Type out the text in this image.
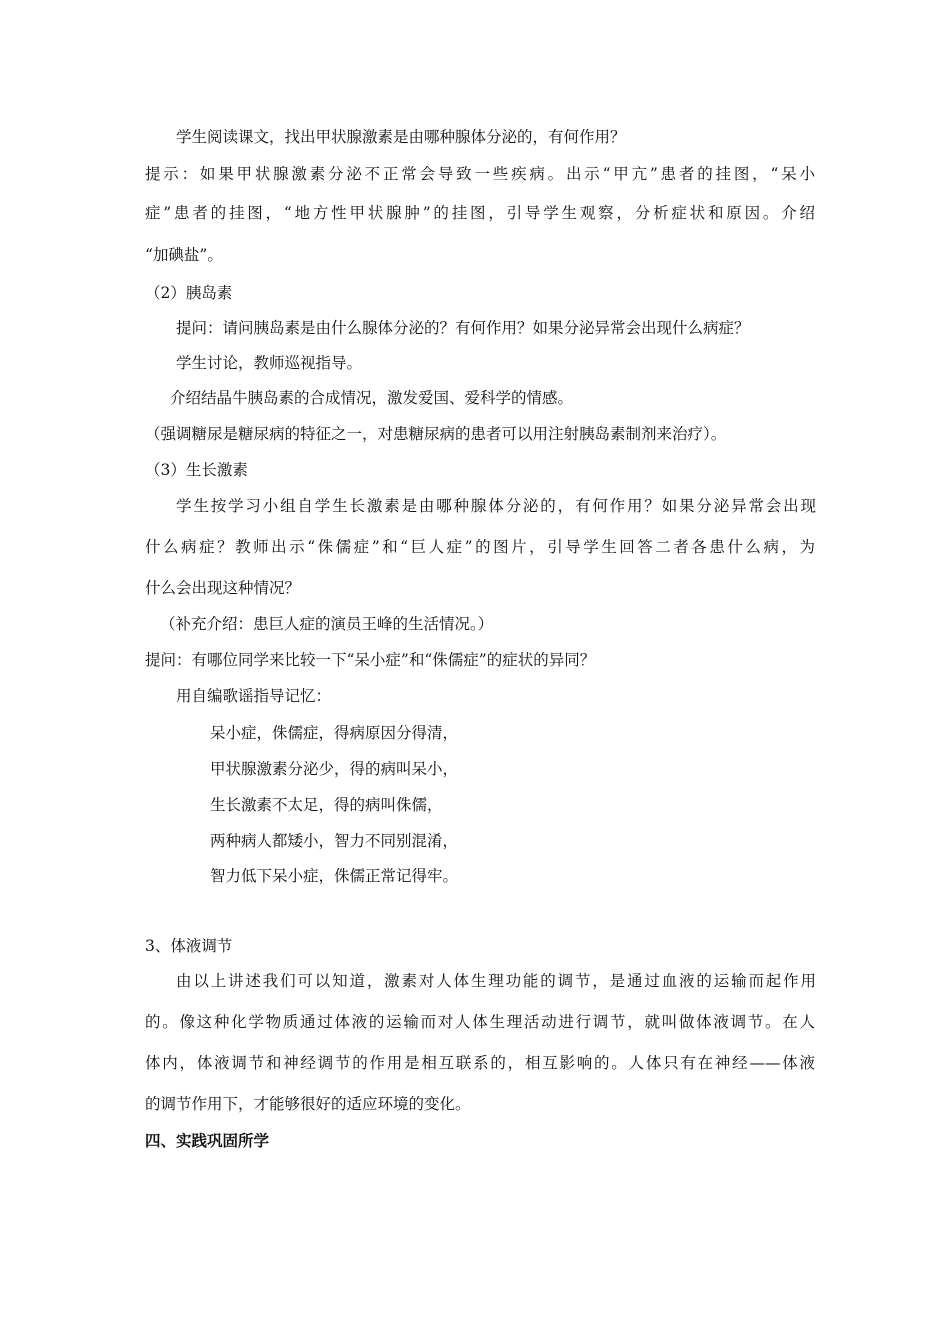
学生阅读课文，找出甲状腺激素是由哪种腺体分泌的，有何作用？
提示：如果甲状腺激素分泌不正常会导致一些疾病。出示“甲亢”患者的挂图，“呆小
症”患者的挂图，“地方性甲状腺肿”的挂图，引导学生观察，分析症状和原因。介绍
“加碘盐”。
（2）胰岛素
提问：请问胰岛素是由什么腺体分泌的？有何作用？如果分泌异常会出现什么病症？
学生讨论，教师巡视指导。
介绍结晶牛胰岛素的合成情况，激发爱国、爱科学的情感。
（强调糖尿是糖尿病的特征之一，对患糖尿病的患者可以用注射胰岛素制剂来治疗）。
（3）生长激素
学生按学习小组自学生长激素是由哪种腺体分泌的，有何作用？如果分泌异常会出现
什么病症？教师出示“侏儒症”和“巨人症”的图片，引导学生回答二者各患什么病，为
什么会出现这种情况？
（补充介绍：患巨人症的演员王峰的生活情况。）
提问：有哪位同学来比较一下“呆小症”和“侏儒症”的症状的异同？
用自编歌谣指导记忆：
呆小症，侏儒症，得病原因分得清，
甲状腺激素分泌少，得的病叫呆小，
生长激素不太足，得的病叫侏儒，
两种病人都矮小，智力不同别混淆，
智力低下呆小症，侏儒正常记得牢。
3、体液调节
由以上讲述我们可以知道，激素对人体生理功能的调节，是通过血液的运输而起作用
的。像这种化学物质通过体液的运输而对人体生理活动进行调节，就叫做体液调节。在人
体内，体液调节和神经调节的作用是相互联系的，相互影响的。人体只有在神经——体液
的调节作用下，才能够很好的适应环境的变化。
四、实践巩固所学
